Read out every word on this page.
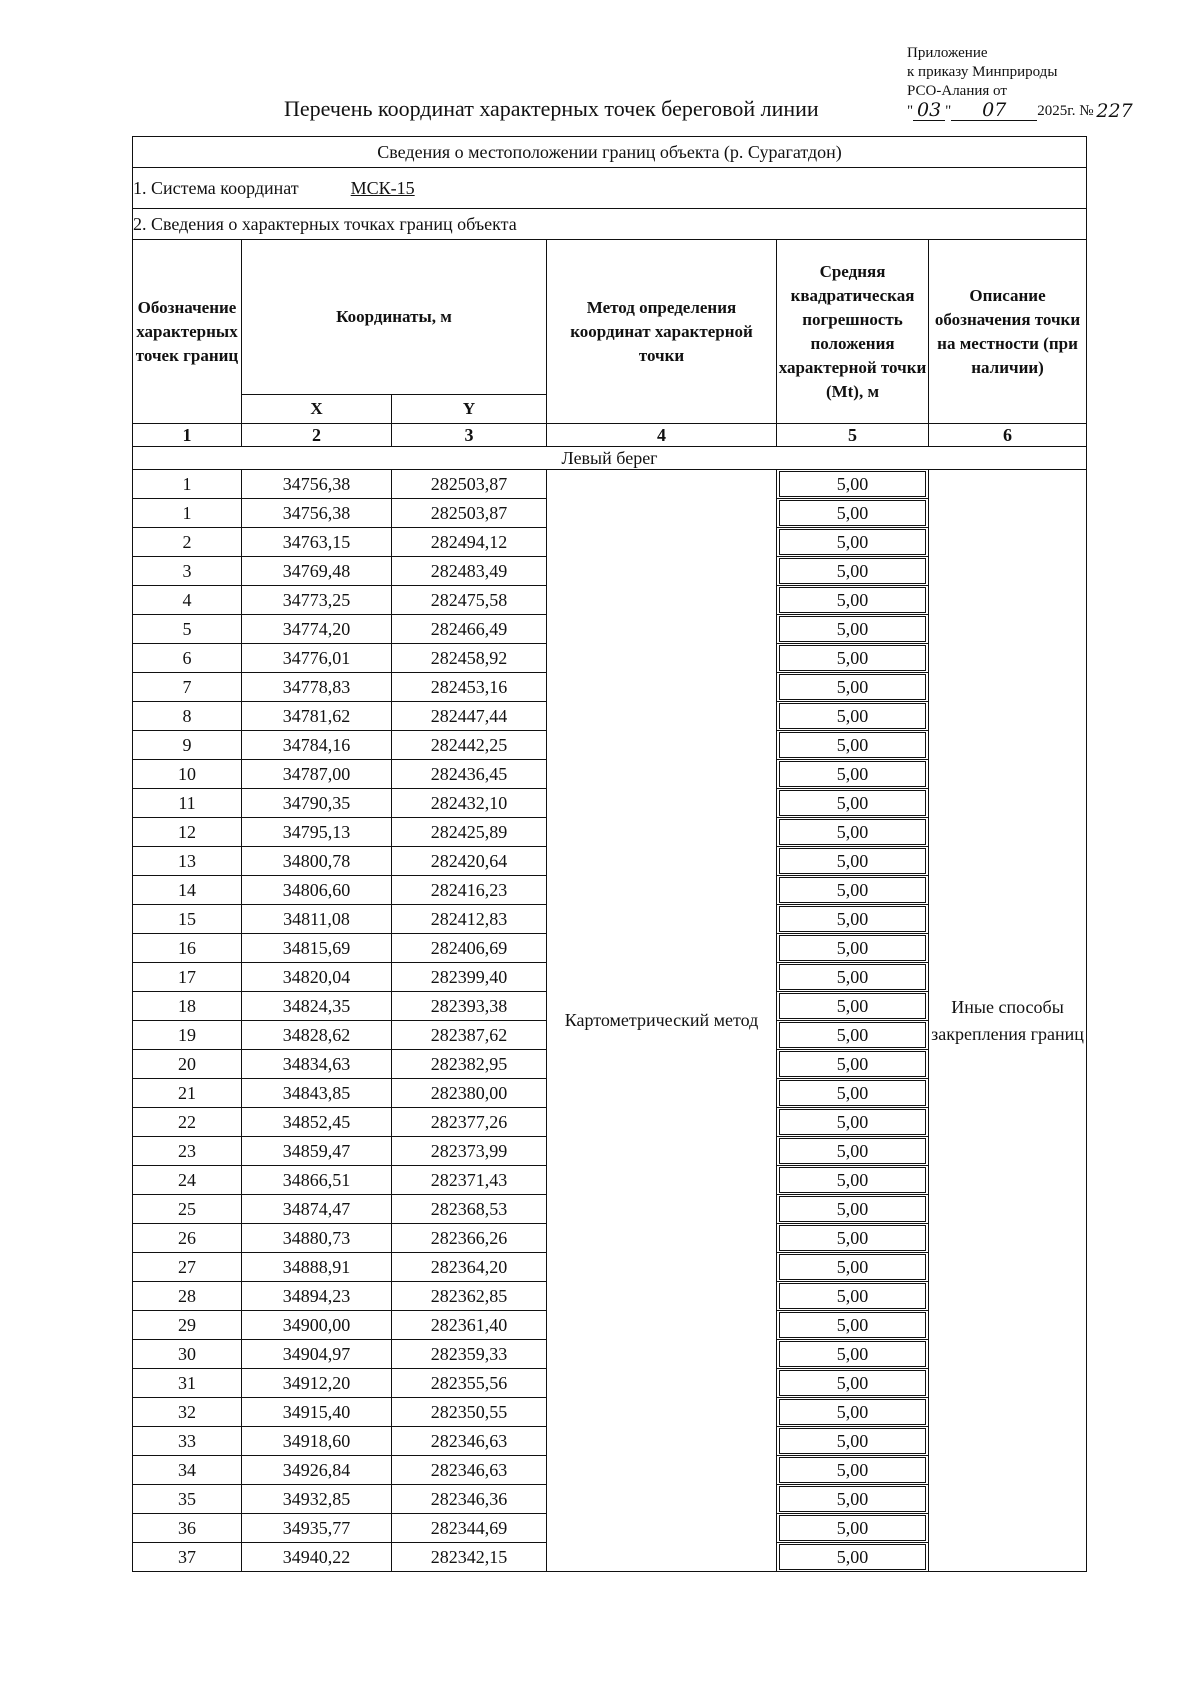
Приложение
к приказу Минприроды
РСО-Алания от
" 03 "	07	2025г. № 227
Перечень координат характерных точек береговой линии
Сведения о местоположении границ объекта (р. Сурагатдон)					
1. Система координат МСК-15					
2. Сведения о характерных точках границ объекта					
Обозначение характерных точек границ	Координаты, м		Метод определения координат характерной точки	Средняя квадратическая погрешность положения характерной точки (Mt), м	Описание обозначения точки на местности (при наличии)
	X	Y			
1	2	3	4	5	6
Левый берег					
1	34756,38	282503,87	Картометрический метод	5,00	Иные способы закрепления границ
1	34756,38	282503,87		5,00	

2	34763,15	282494,12		5,00	

3	34769,48	282483,49		5,00	

4	34773,25	282475,58		5,00	

5	34774,20	282466,49		5,00	

6	34776,01	282458,92		5,00	

7	34778,83	282453,16		5,00	

8	34781,62	282447,44		5,00	

9	34784,16	282442,25		5,00	

10	34787,00	282436,45		5,00	

11	34790,35	282432,10		5,00	

12	34795,13	282425,89		5,00	

13	34800,78	282420,64		5,00	

14	34806,60	282416,23		5,00	

15	34811,08	282412,83		5,00	

16	34815,69	282406,69		5,00	

17	34820,04	282399,40		5,00	

18	34824,35	282393,38		5,00	

19	34828,62	282387,62		5,00	

20	34834,63	282382,95		5,00	

21	34843,85	282380,00		5,00	

22	34852,45	282377,26		5,00	

23	34859,47	282373,99		5,00	

24	34866,51	282371,43		5,00	

25	34874,47	282368,53		5,00	

26	34880,73	282366,26		5,00	

27	34888,91	282364,20		5,00	

28	34894,23	282362,85		5,00	

29	34900,00	282361,40		5,00	

30	34904,97	282359,33		5,00	

31	34912,20	282355,56		5,00	

32	34915,40	282350,55		5,00	

33	34918,60	282346,63		5,00	

34	34926,84	282346,63		5,00	

35	34932,85	282346,36		5,00	

36	34935,77	282344,69		5,00	

37	34940,22	282342,15		5,00	
